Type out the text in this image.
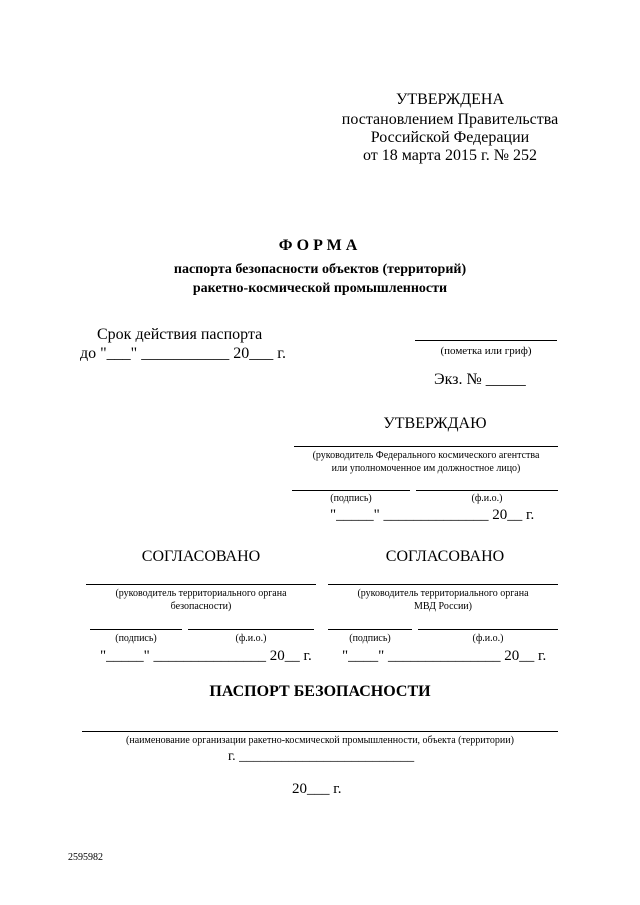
УТВЕРЖДЕНА
постановлением Правительства
Российской Федерации
от 18 марта 2015 г. № 252
ФОРМА
паспорта безопасности объектов (территорий)
ракетно-космической промышленности
Срок действия паспорта
до "___" ___________ 20___ г.	(пометка или гриф)
Экз. № _____
УТВЕРЖДАЮ
(руководитель Федерального космического агентства
или уполномоченное им должностное лицо)
(подпись)	(ф.и.о.)
"_____" ______________ 20__ г.
СОГЛАСОВАНО
(руководитель территориального органа
безопасности)
(подпись)	(ф.и.о.)
"_____" _______________ 20__ г.
СОГЛАСОВАНО
(руководитель территориального органа
МВД России)
(подпись)	(ф.и.о.)
"____" _______________ 20__ г.
ПАСПОРТ БЕЗОПАСНОСТИ
(наименование организации ракетно-космической промышленности, объекта (территории)
г. _________________________
20___ г.
2595982
